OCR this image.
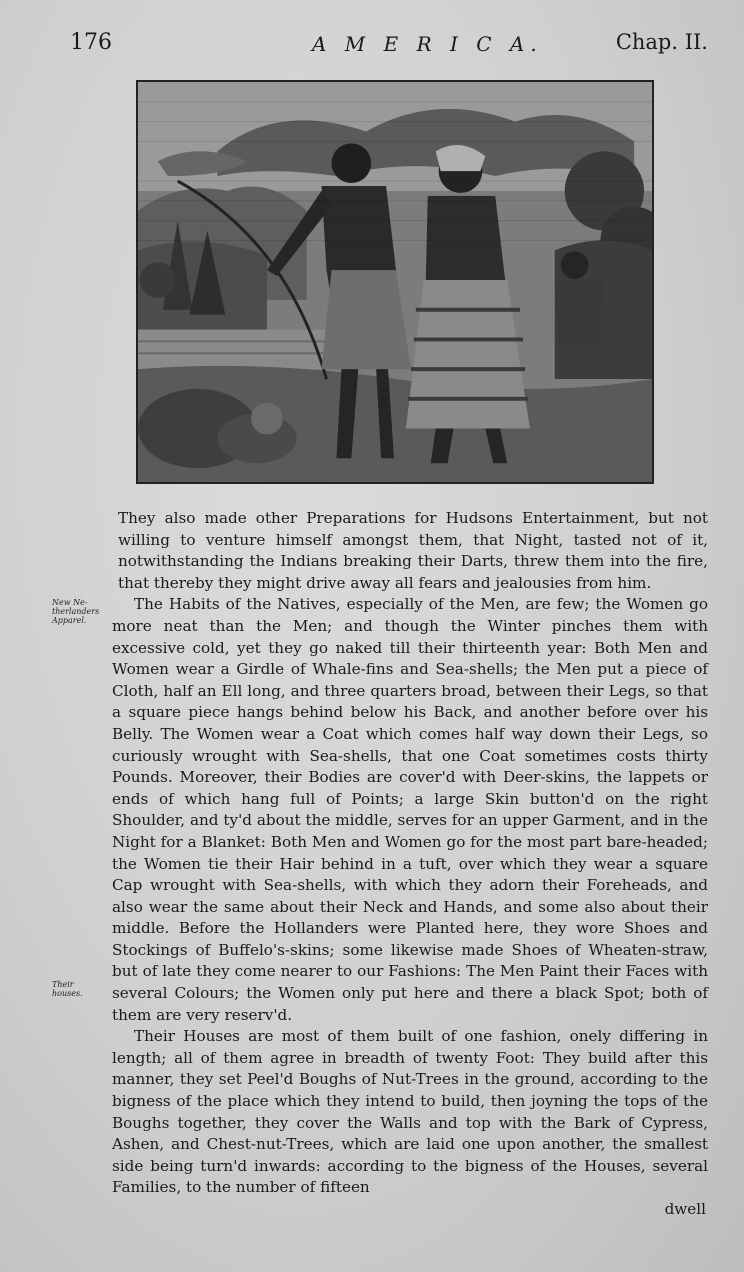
176	A M E R I C A.	Chap. II.
New Ne-therlanders Apparel.
Their houses.

They also made other Preparations for Hudsons Entertainment, but not willing to venture himself amongst them, that Night, tasted not of it, notwithstanding the Indians breaking their Darts, threw them into the fire, that thereby they might drive away all fears and jealousies from him.

The Habits of the Natives, especially of the Men, are few; the Women go more neat than the Men; and though the Winter pinches them with excessive cold, yet they go naked till their thirteenth year: Both Men and Women wear a Girdle of Whale-fins and Sea-shells; the Men put a piece of Cloth, half an Ell long, and three quarters broad, between their Legs, so that a square piece hangs behind below his Back, and another before over his Belly. The Women wear a Coat which comes half way down their Legs, so curiously wrought with Sea-shells, that one Coat sometimes costs thirty Pounds. Moreover, their Bodies are cover'd with Deer-skins, the lappets or ends of which hang full of Points; a large Skin button'd on the right Shoulder, and ty'd about the middle, serves for an upper Garment, and in the Night for a Blanket: Both Men and Women go for the most part bare-headed; the Women tie their Hair behind in a tuft, over which they wear a square Cap wrought with Sea-shells, with which they adorn their Foreheads, and also wear the same about their Neck and Hands, and some also about their middle. Before the Hollanders were Planted here, they wore Shoes and Stockings of Buffelo's-skins; some likewise made Shoes of Wheaten-straw, but of late they come nearer to our Fashions: The Men Paint their Faces with several Colours; the Women only put here and there a black Spot; both of them are very reserv'd.

Their Houses are most of them built of one fashion, onely differing in length; all of them agree in breadth of twenty Foot: They build after this manner, they set Peel'd Boughs of Nut-Trees in the ground, according to the bigness of the place which they intend to build, then joyning the tops of the Boughs together, they cover the Walls and top with the Bark of Cypress, Ashen, and Chest-nut-Trees, which are laid one upon another, the smallest side being turn'd inwards: according to the bigness of the Houses, several Families, to the number of fifteen

dwell
